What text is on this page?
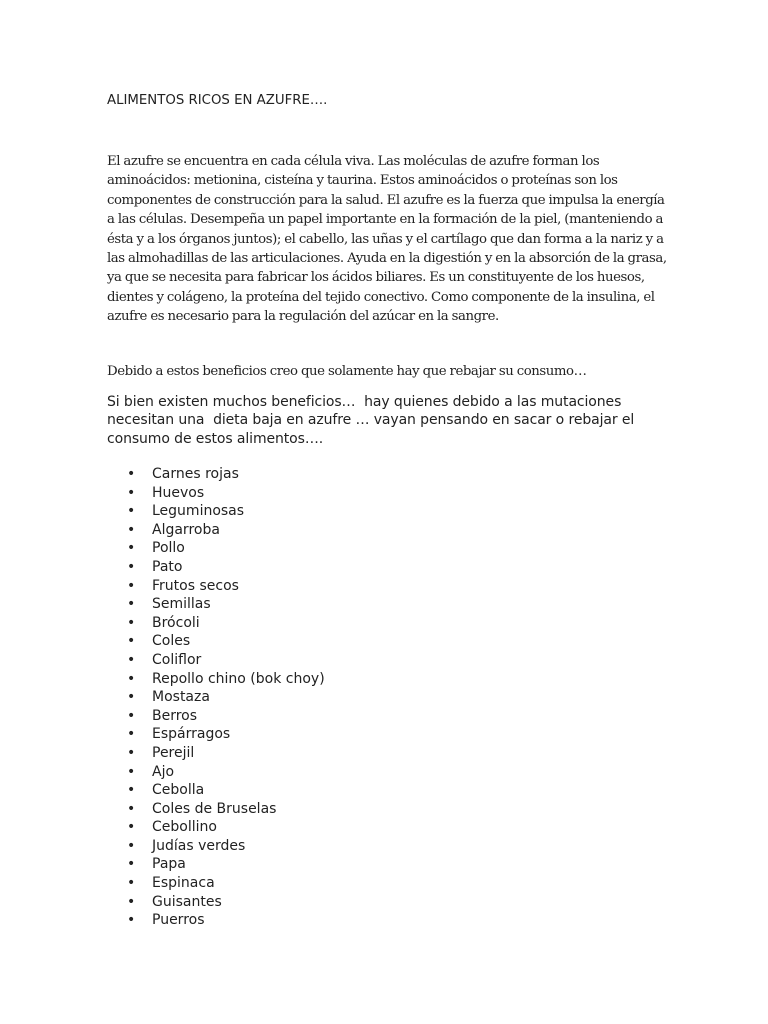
ALIMENTOS RICOS EN AZUFRE….

El azufre se encuentra en cada célula viva. Las moléculas de azufre forman los aminoácidos: metionina, cisteína y taurina. Estos aminoácidos o proteínas son los componentes de construcción para la salud. El azufre es la fuerza que impulsa la energía a las células. Desempeña un papel importante en la formación de la piel, (manteniendo a ésta y a los órganos juntos); el cabello, las uñas y el cartílago que dan forma a la nariz y a las almohadillas de las articulaciones. Ayuda en la digestión y en la absorción de la grasa, ya que se necesita para fabricar los ácidos biliares. Es un constituyente de los huesos, dientes y colágeno, la proteína del tejido conectivo. Como componente de la insulina, el azufre es necesario para la regulación del azúcar en la sangre.

Debido a estos beneficios creo que solamente hay que rebajar su consumo…

Si bien existen muchos beneficios…  hay quienes debido a las mutaciones necesitan una  dieta baja en azufre … vayan pensando en sacar o rebajar el consumo de estos alimentos….

• Carnes rojas
• Huevos
• Leguminosas
• Algarroba
• Pollo
• Pato
• Frutos secos
• Semillas
• Brócoli
• Coles
• Coliflor
• Repollo chino (bok choy)
• Mostaza
• Berros
• Espárragos
• Perejil
• Ajo
• Cebolla
• Coles de Bruselas
• Cebollino
• Judías verdes
• Papa
• Espinaca
• Guisantes
• Puerros
